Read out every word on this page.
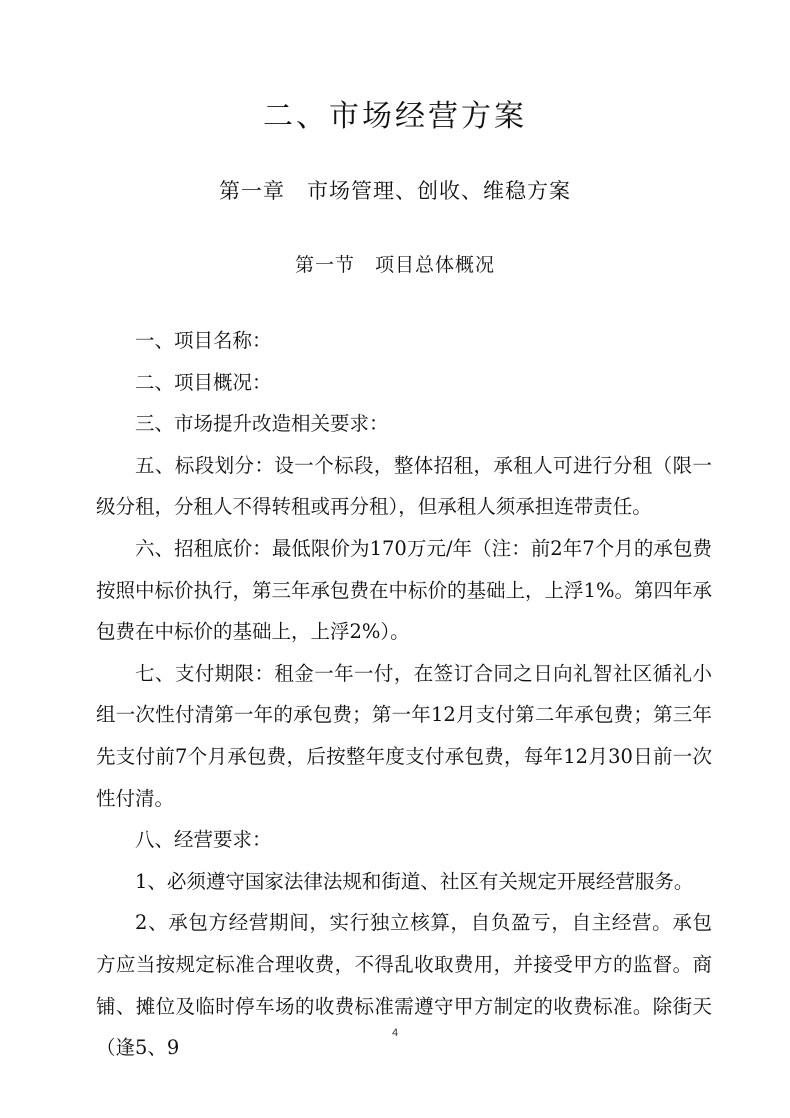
二、市场经营方案
第一章　市场管理、创收、维稳方案
第一节　项目总体概况

一、项目名称：

二、项目概况：

三、市场提升改造相关要求：

五、标段划分：设一个标段，整体招租，承租人可进行分租（限一级分租，分租人不得转租或再分租），但承租人须承担连带责任。

六、招租底价：最低限价为170万元/年（注：前2年7个月的承包费按照中标价执行，第三年承包费在中标价的基础上，上浮1%。第四年承包费在中标价的基础上，上浮2%）。

七、支付期限：租金一年一付，在签订合同之日向礼智社区循礼小组一次性付清第一年的承包费；第一年12月支付第二年承包费；第三年先支付前7个月承包费，后按整年度支付承包费，每年12月30日前一次性付清。

八、经营要求：

1、必须遵守国家法律法规和街道、社区有关规定开展经营服务。

2、承包方经营期间，实行独立核算，自负盈亏，自主经营。承包方应当按规定标准合理收费，不得乱收取费用，并接受甲方的监督。商铺、摊位及临时停车场的收费标准需遵守甲方制定的收费标准。除街天（逢5、9

4
